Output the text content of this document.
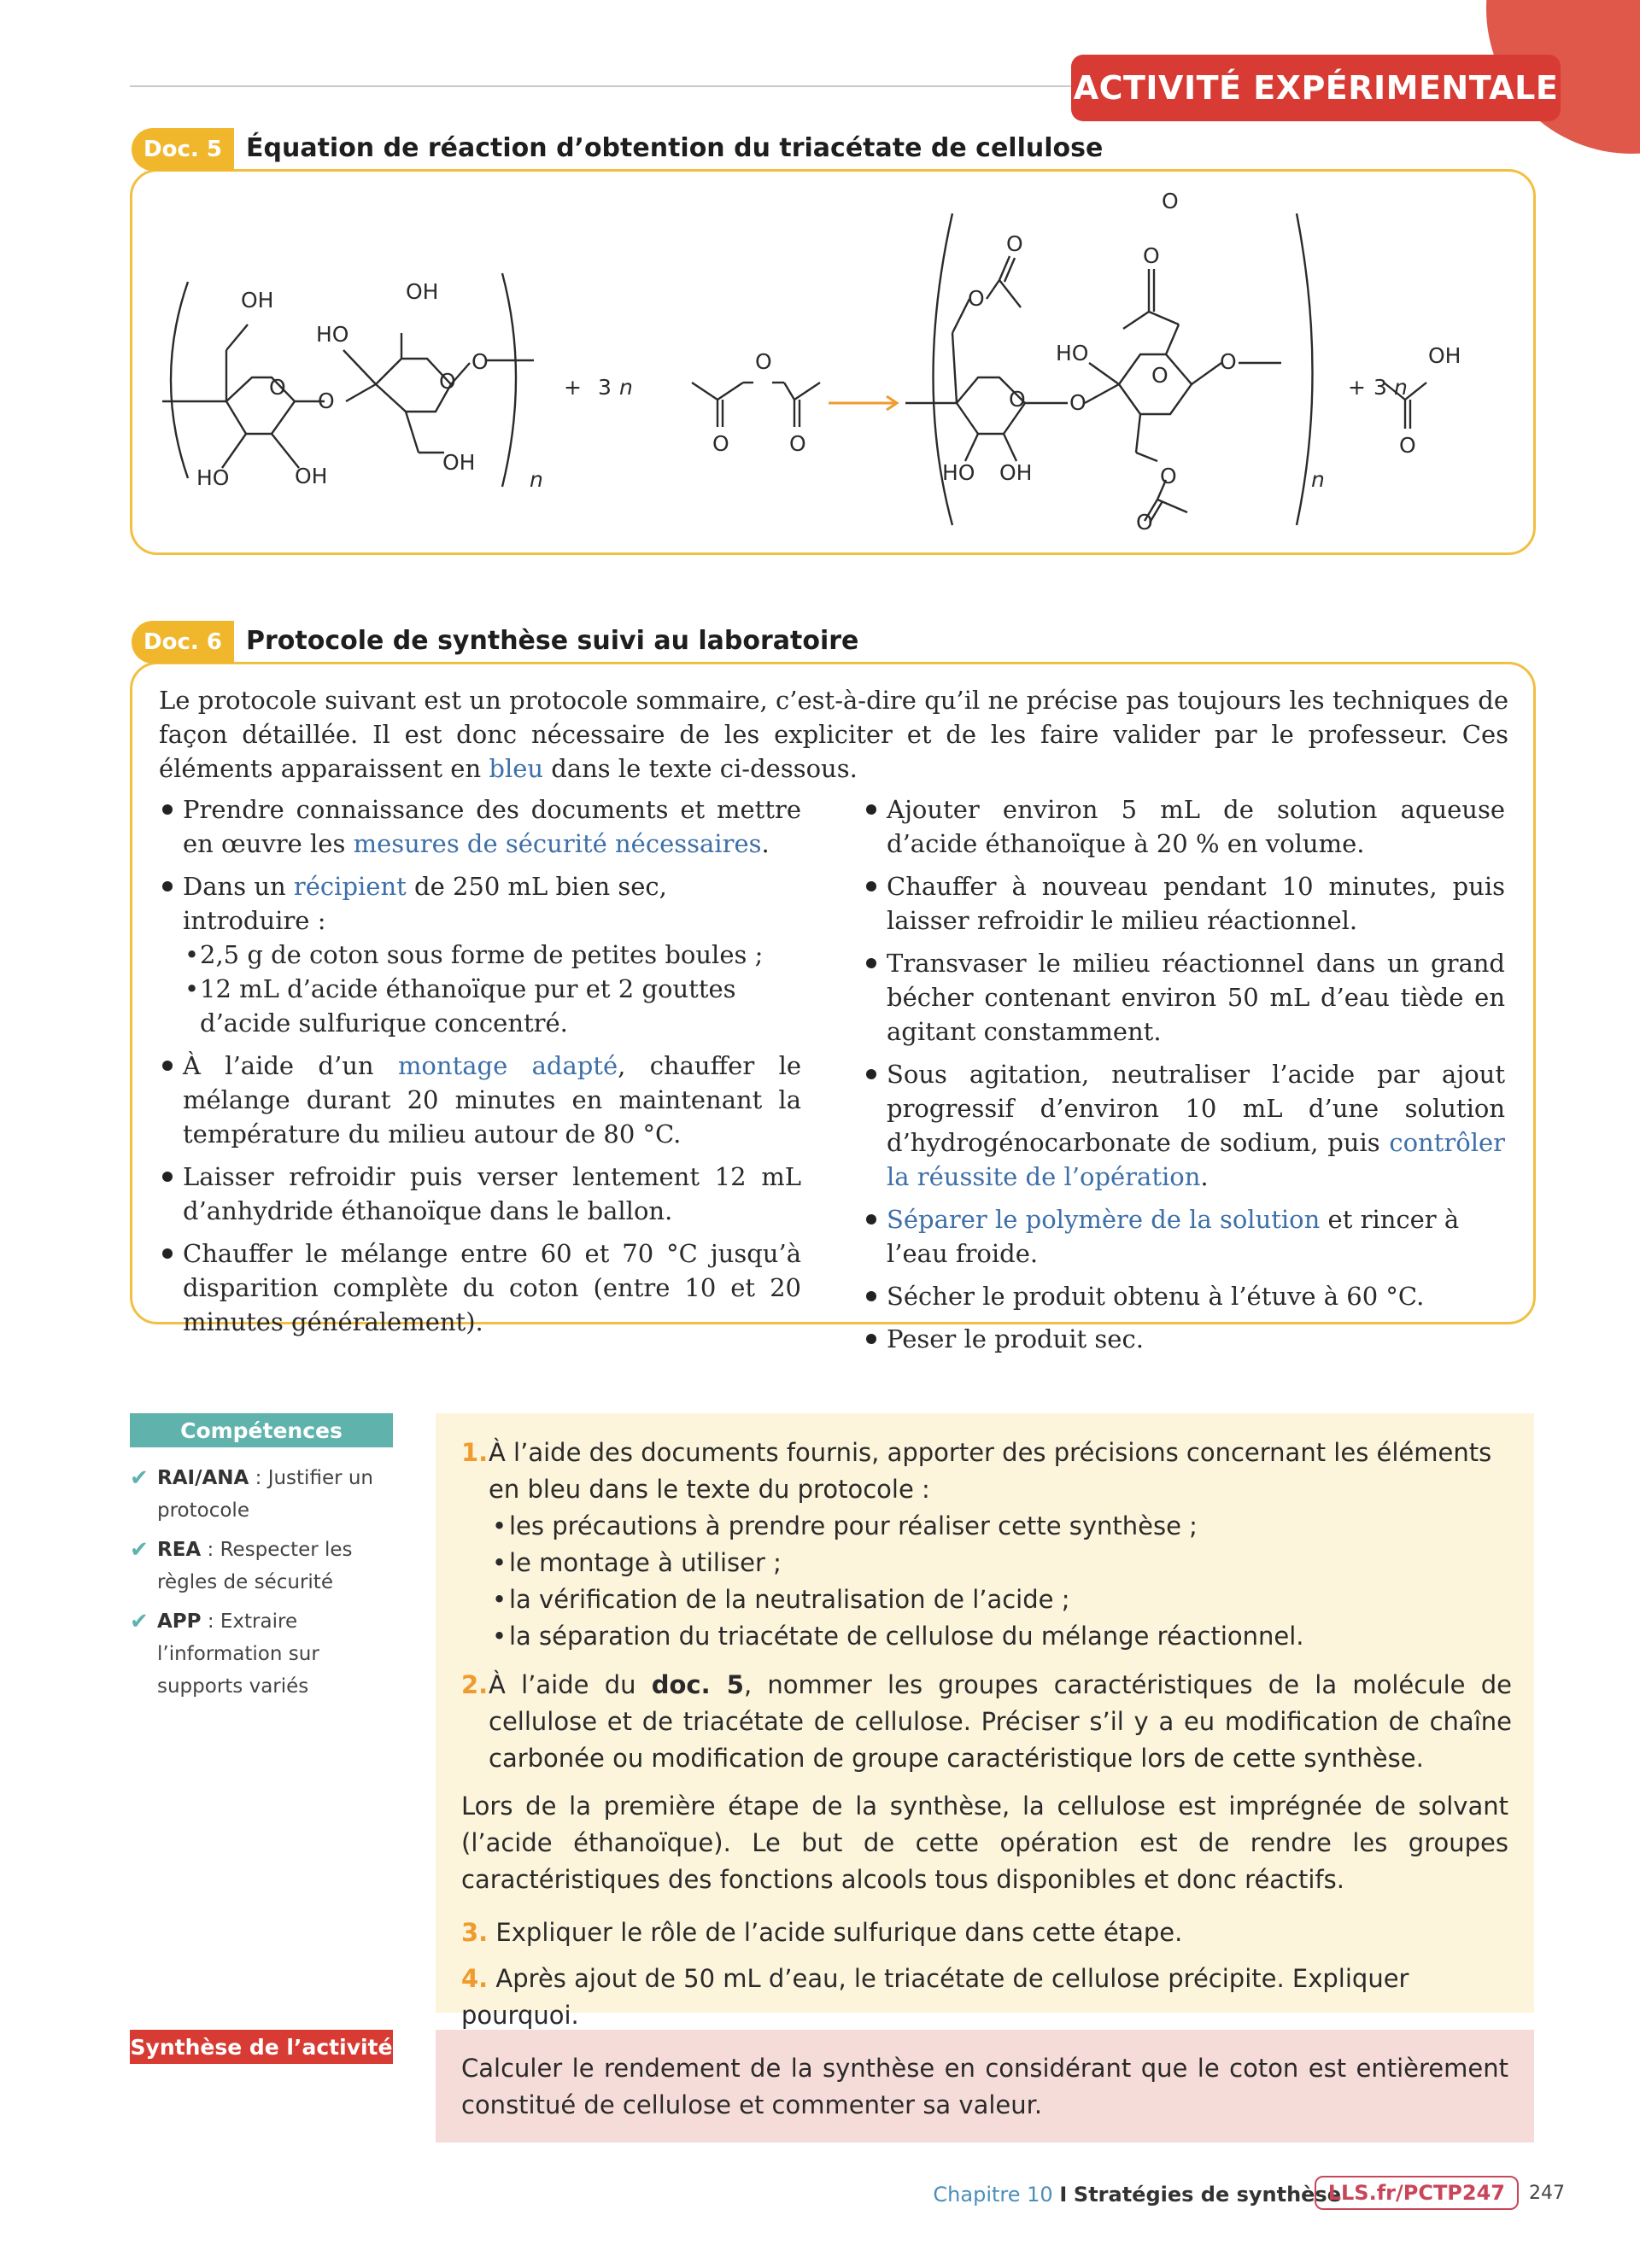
ACTIVITÉ EXPÉRIMENTALE
Doc. 5 Équation de réaction d’obtention du triacétate de cellulose
OH
O
HO	OH
O
HO
OH
O
OH
O
n
+ 3 n
O
O	O
O
O
O
HO OH
O
HO
O
O
O
O
O
O
n
+ 3 n
OH
O
Doc. 6 Protocole de synthèse suivi au laboratoire
Le protocole suivant est un protocole sommaire, c’est-à-dire qu’il ne précise pas toujours les techniques de façon détaillée. Il est donc nécessaire de les expliciter et de les faire valider par le professeur. Ces éléments apparaissent en bleu dans le texte ci-dessous.
Prendre connaissance des documents et mettre en œuvre les mesures de sécurité nécessaires.
Dans un récipient de 250 mL bien sec, introduire :
• 2,5 g de coton sous forme de petites boules ;
• 12 mL d’acide éthanoïque pur et 2 gouttes d’acide sulfurique concentré.
À l’aide d’un montage adapté, chauffer le mélange durant 20 minutes en maintenant la température du milieu autour de 80 °C.
Laisser refroidir puis verser lentement 12 mL d’anhydride éthanoïque dans le ballon.
Chauffer le mélange entre 60 et 70 °C jusqu’à disparition complète du coton (entre 10 et 20 minutes généralement).
Ajouter environ 5 mL de solution aqueuse d’acide éthanoïque à 20 % en volume.
Chauffer à nouveau pendant 10 minutes, puis laisser refroidir le milieu réactionnel.
Transvaser le milieu réactionnel dans un grand bécher contenant environ 50 mL d’eau tiède en agitant constamment.
Sous agitation, neutraliser l’acide par ajout progressif d’environ 10 mL d’une solution d’hydrogénocarbonate de sodium, puis contrôler la réussite de l’opération.
Séparer le polymère de la solution et rincer à l’eau froide.
Sécher le produit obtenu à l’étuve à 60 °C.
Peser le produit sec.
Compétences
✔ RAI/ANA : Justifier un protocole
✔ REA : Respecter les règles de sécurité
✔ APP : Extraire l’information sur supports variés
1. À l’aide des documents fournis, apporter des précisions concernant les éléments en bleu dans le texte du protocole :
• les précautions à prendre pour réaliser cette synthèse ;
• le montage à utiliser ;
• la vérification de la neutralisation de l’acide ;
• la séparation du triacétate de cellulose du mélange réactionnel.
2. À l’aide du doc. 5, nommer les groupes caractéristiques de la molécule de cellulose et de triacétate de cellulose. Préciser s’il y a eu modification de chaîne carbonée ou modification de groupe caractéristique lors de cette synthèse.
Lors de la première étape de la synthèse, la cellulose est imprégnée de solvant (l’acide éthanoïque). Le but de cette opération est de rendre les groupes caractéristiques des fonctions alcools tous disponibles et donc réactifs.
3. Expliquer le rôle de l’acide sulfurique dans cette étape.
4. Après ajout de 50 mL d’eau, le triacétate de cellulose précipite. Expliquer pourquoi.
Synthèse de l’activité
Calculer le rendement de la synthèse en considérant que le coton est entièrement constitué de cellulose et commenter sa valeur.
Chapitre 10 I Stratégies de synthèse
LLS.fr/PCTP247	247
